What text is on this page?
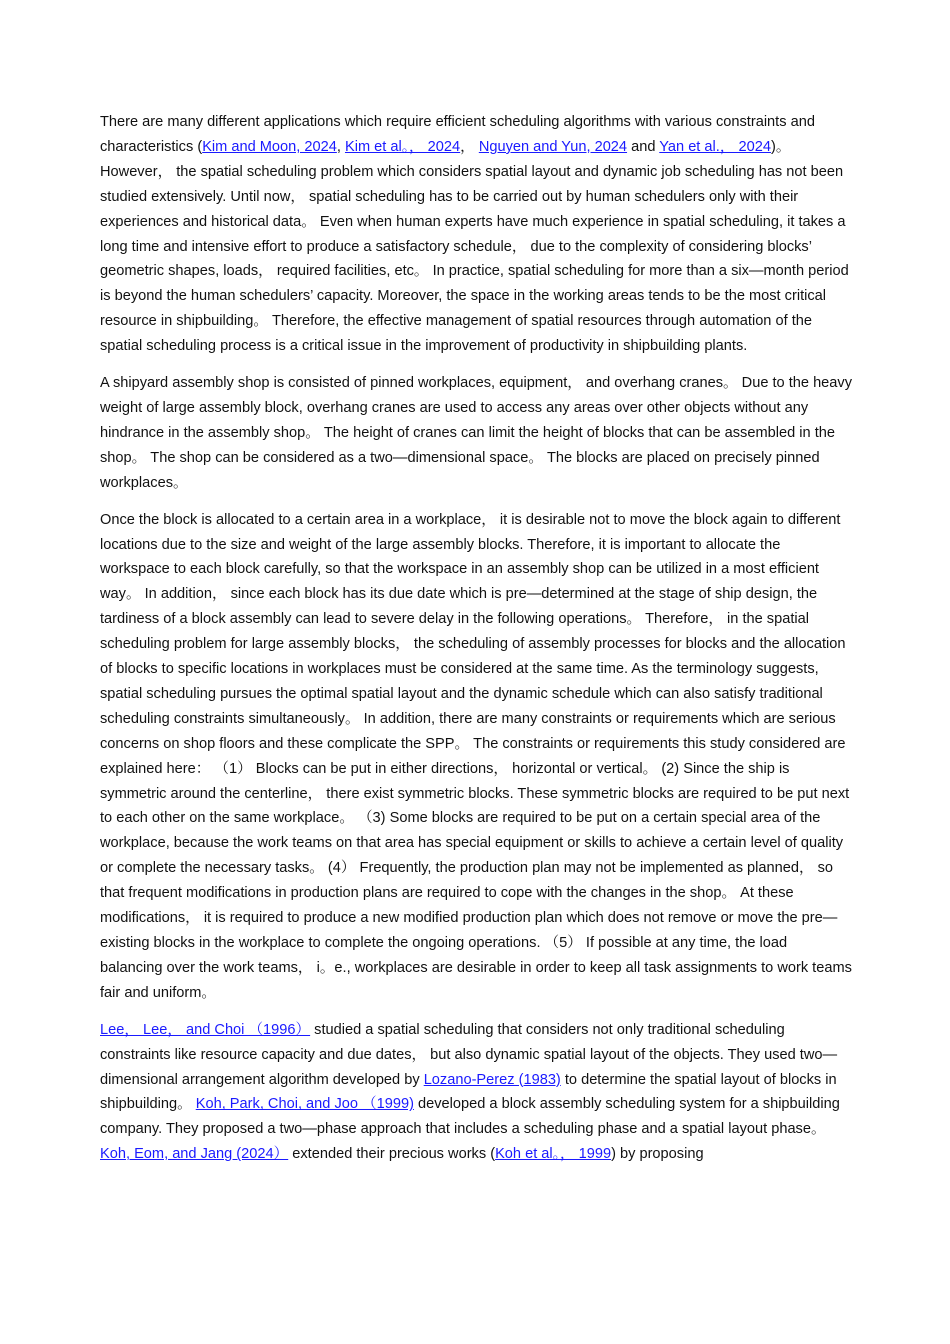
There are many different applications which require efficient scheduling algorithms with various constraints and characteristics (Kim and Moon, 2024, Kim et al。， 2024， Nguyen and Yun, 2024 and Yan et al.， 2024)。 However， the spatial scheduling problem which considers spatial layout and dynamic job scheduling has not been studied extensively. Until now， spatial scheduling has to be carried out by human schedulers only with their experiences and historical data。 Even when human experts have much experience in spatial scheduling, it takes a long time and intensive effort to produce a satisfactory schedule， due to the complexity of considering blocks’ geometric shapes, loads， required facilities, etc。 In practice, spatial scheduling for more than a six—month period is beyond the human schedulers’ capacity. Moreover, the space in the working areas tends to be the most critical resource in shipbuilding。 Therefore, the effective management of spatial resources through automation of the spatial scheduling process is a critical issue in the improvement of productivity in shipbuilding plants.

A shipyard assembly shop is consisted of pinned workplaces, equipment， and overhang cranes。 Due to the heavy weight of large assembly block, overhang cranes are used to access any areas over other objects without any hindrance in the assembly shop。 The height of cranes can limit the height of blocks that can be assembled in the shop。 The shop can be considered as a two—dimensional space。 The blocks are placed on precisely pinned workplaces。

Once the block is allocated to a certain area in a workplace， it is desirable not to move the block again to different locations due to the size and weight of the large assembly blocks. Therefore, it is important to allocate the workspace to each block carefully, so that the workspace in an assembly shop can be utilized in a most efficient way。 In addition， since each block has its due date which is pre—determined at the stage of ship design, the tardiness of a block assembly can lead to severe delay in the following operations。 Therefore， in the spatial scheduling problem for large assembly blocks， the scheduling of assembly processes for blocks and the allocation of blocks to specific locations in workplaces must be considered at the same time. As the terminology suggests, spatial scheduling pursues the optimal spatial layout and the dynamic schedule which can also satisfy traditional scheduling constraints simultaneously。 In addition, there are many constraints or requirements which are serious concerns on shop floors and these complicate the SPP。 The constraints or requirements this study considered are explained here： （1） Blocks can be put in either directions， horizontal or vertical。 (2) Since the ship is symmetric around the centerline， there exist symmetric blocks. These symmetric blocks are required to be put next to each other on the same workplace。 （3) Some blocks are required to be put on a certain special area of the workplace, because the work teams on that area has special equipment or skills to achieve a certain level of quality or complete the necessary tasks。 (4） Frequently, the production plan may not be implemented as planned， so that frequent modifications in production plans are required to cope with the changes in the shop。 At these modifications， it is required to produce a new modified production plan which does not remove or move the pre—existing blocks in the workplace to complete the ongoing operations. （5） If possible at any time, the load balancing over the work teams， i。e., workplaces are desirable in order to keep all task assignments to work teams fair and uniform。

Lee， Lee， and Choi （1996） studied a spatial scheduling that considers not only traditional scheduling constraints like resource capacity and due dates， but also dynamic spatial layout of the objects. They used two—dimensional arrangement algorithm developed by Lozano-Perez (1983) to determine the spatial layout of blocks in shipbuilding。 Koh, Park, Choi, and Joo （1999) developed a block assembly scheduling system for a shipbuilding company. They proposed a two—phase approach that includes a scheduling phase and a spatial layout phase。 Koh, Eom, and Jang (2024） extended their precious works (Koh et al。， 1999) by proposing
